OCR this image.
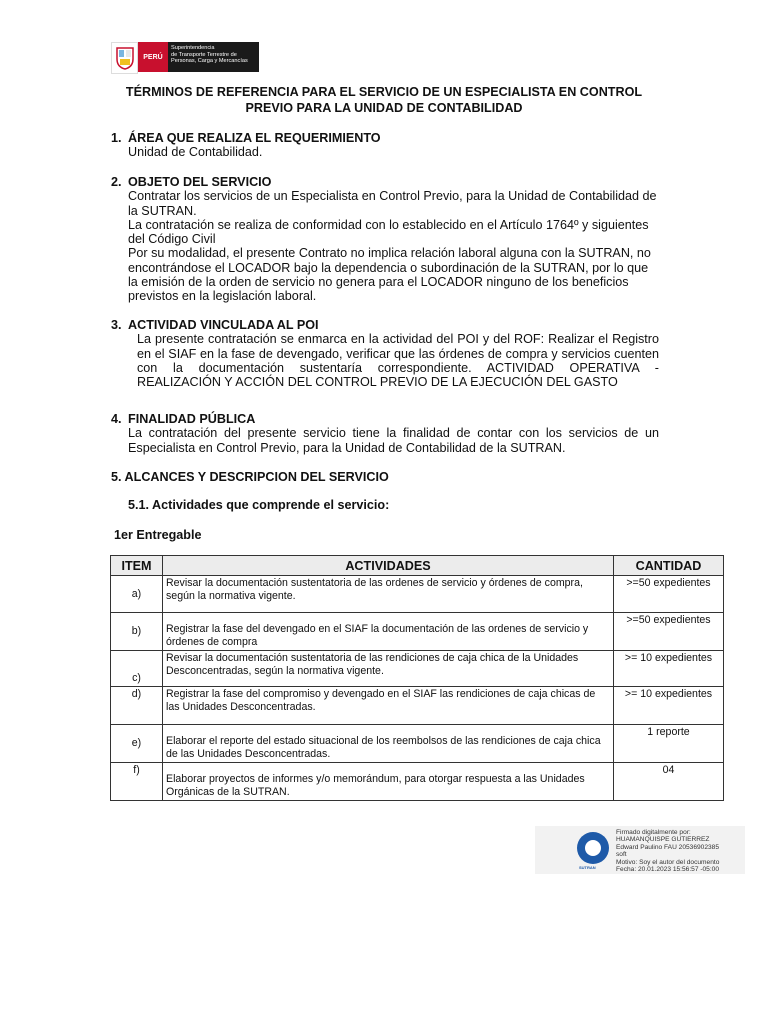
PERÚ
Superintendencia
de Transporte Terrestre de
Personas, Carga y Mercancías
TÉRMINOS DE REFERENCIA PARA EL SERVICIO DE UN ESPECIALISTA EN CONTROL
PREVIO PARA LA UNIDAD DE CONTABILIDAD
1. ÁREA QUE REALIZA EL REQUERIMIENTO
Unidad de Contabilidad.
2. OBJETO DEL SERVICIO
Contratar los servicios de un Especialista en Control Previo, para la Unidad de Contabilidad de la SUTRAN.
La contratación se realiza de conformidad con lo establecido en el Artículo 1764º y siguientes del Código Civil
Por su modalidad, el presente Contrato no implica relación laboral alguna con la SUTRAN, no encontrándose el LOCADOR bajo la dependencia o subordinación de la SUTRAN, por lo que la emisión de la orden de servicio no genera para el LOCADOR ninguno de los beneficios previstos en la legislación laboral.
3. ACTIVIDAD VINCULADA AL POI
La presente contratación se enmarca en la actividad del POI y del ROF: Realizar el Registro en el SIAF en la fase de devengado, verificar que las órdenes de compra y servicios cuenten con la documentación sustentaría correspondiente. ACTIVIDAD OPERATIVA - REALIZACIÓN Y ACCIÓN DEL CONTROL PREVIO DE LA EJECUCIÓN DEL GASTO
4. FINALIDAD PÚBLICA
La contratación del presente servicio tiene la finalidad de contar con los servicios de un Especialista en Control Previo, para la Unidad de Contabilidad de la SUTRAN.
5. ALCANCES Y DESCRIPCION DEL SERVICIO
5.1. Actividades que comprende el servicio:
1er Entregable
ITEM	ACTIVIDADES	CANTIDAD
a)	Revisar la documentación sustentatoria de las ordenes de servicio y órdenes de compra, según la normativa vigente.	>=50 expedientes
b)	Registrar la fase del devengado en el SIAF la documentación de las ordenes de servicio y órdenes de compra	>=50 expedientes
c)	Revisar la documentación sustentatoria de las rendiciones de caja chica de la Unidades Desconcentradas, según la normativa vigente.	>= 10 expedientes
d)	Registrar la fase del compromiso y devengado en el SIAF las rendiciones de caja chicas de las Unidades Desconcentradas.	>= 10 expedientes
e)	Elaborar el reporte del estado situacional de los reembolsos de las rendiciones de caja chica de las Unidades Desconcentradas.	1 reporte
f)	Elaborar proyectos de informes y/o memorándum, para otorgar respuesta a las Unidades Orgánicas de la SUTRAN.	04
SUTRAN
Firmado digitalmente por:
HUAMANQUISPE GUTIERREZ
Edward Paulino FAU 20536902385
soft
Motivo: Soy el autor del documento
Fecha: 20.01.2023 15:56:57 -05:00
